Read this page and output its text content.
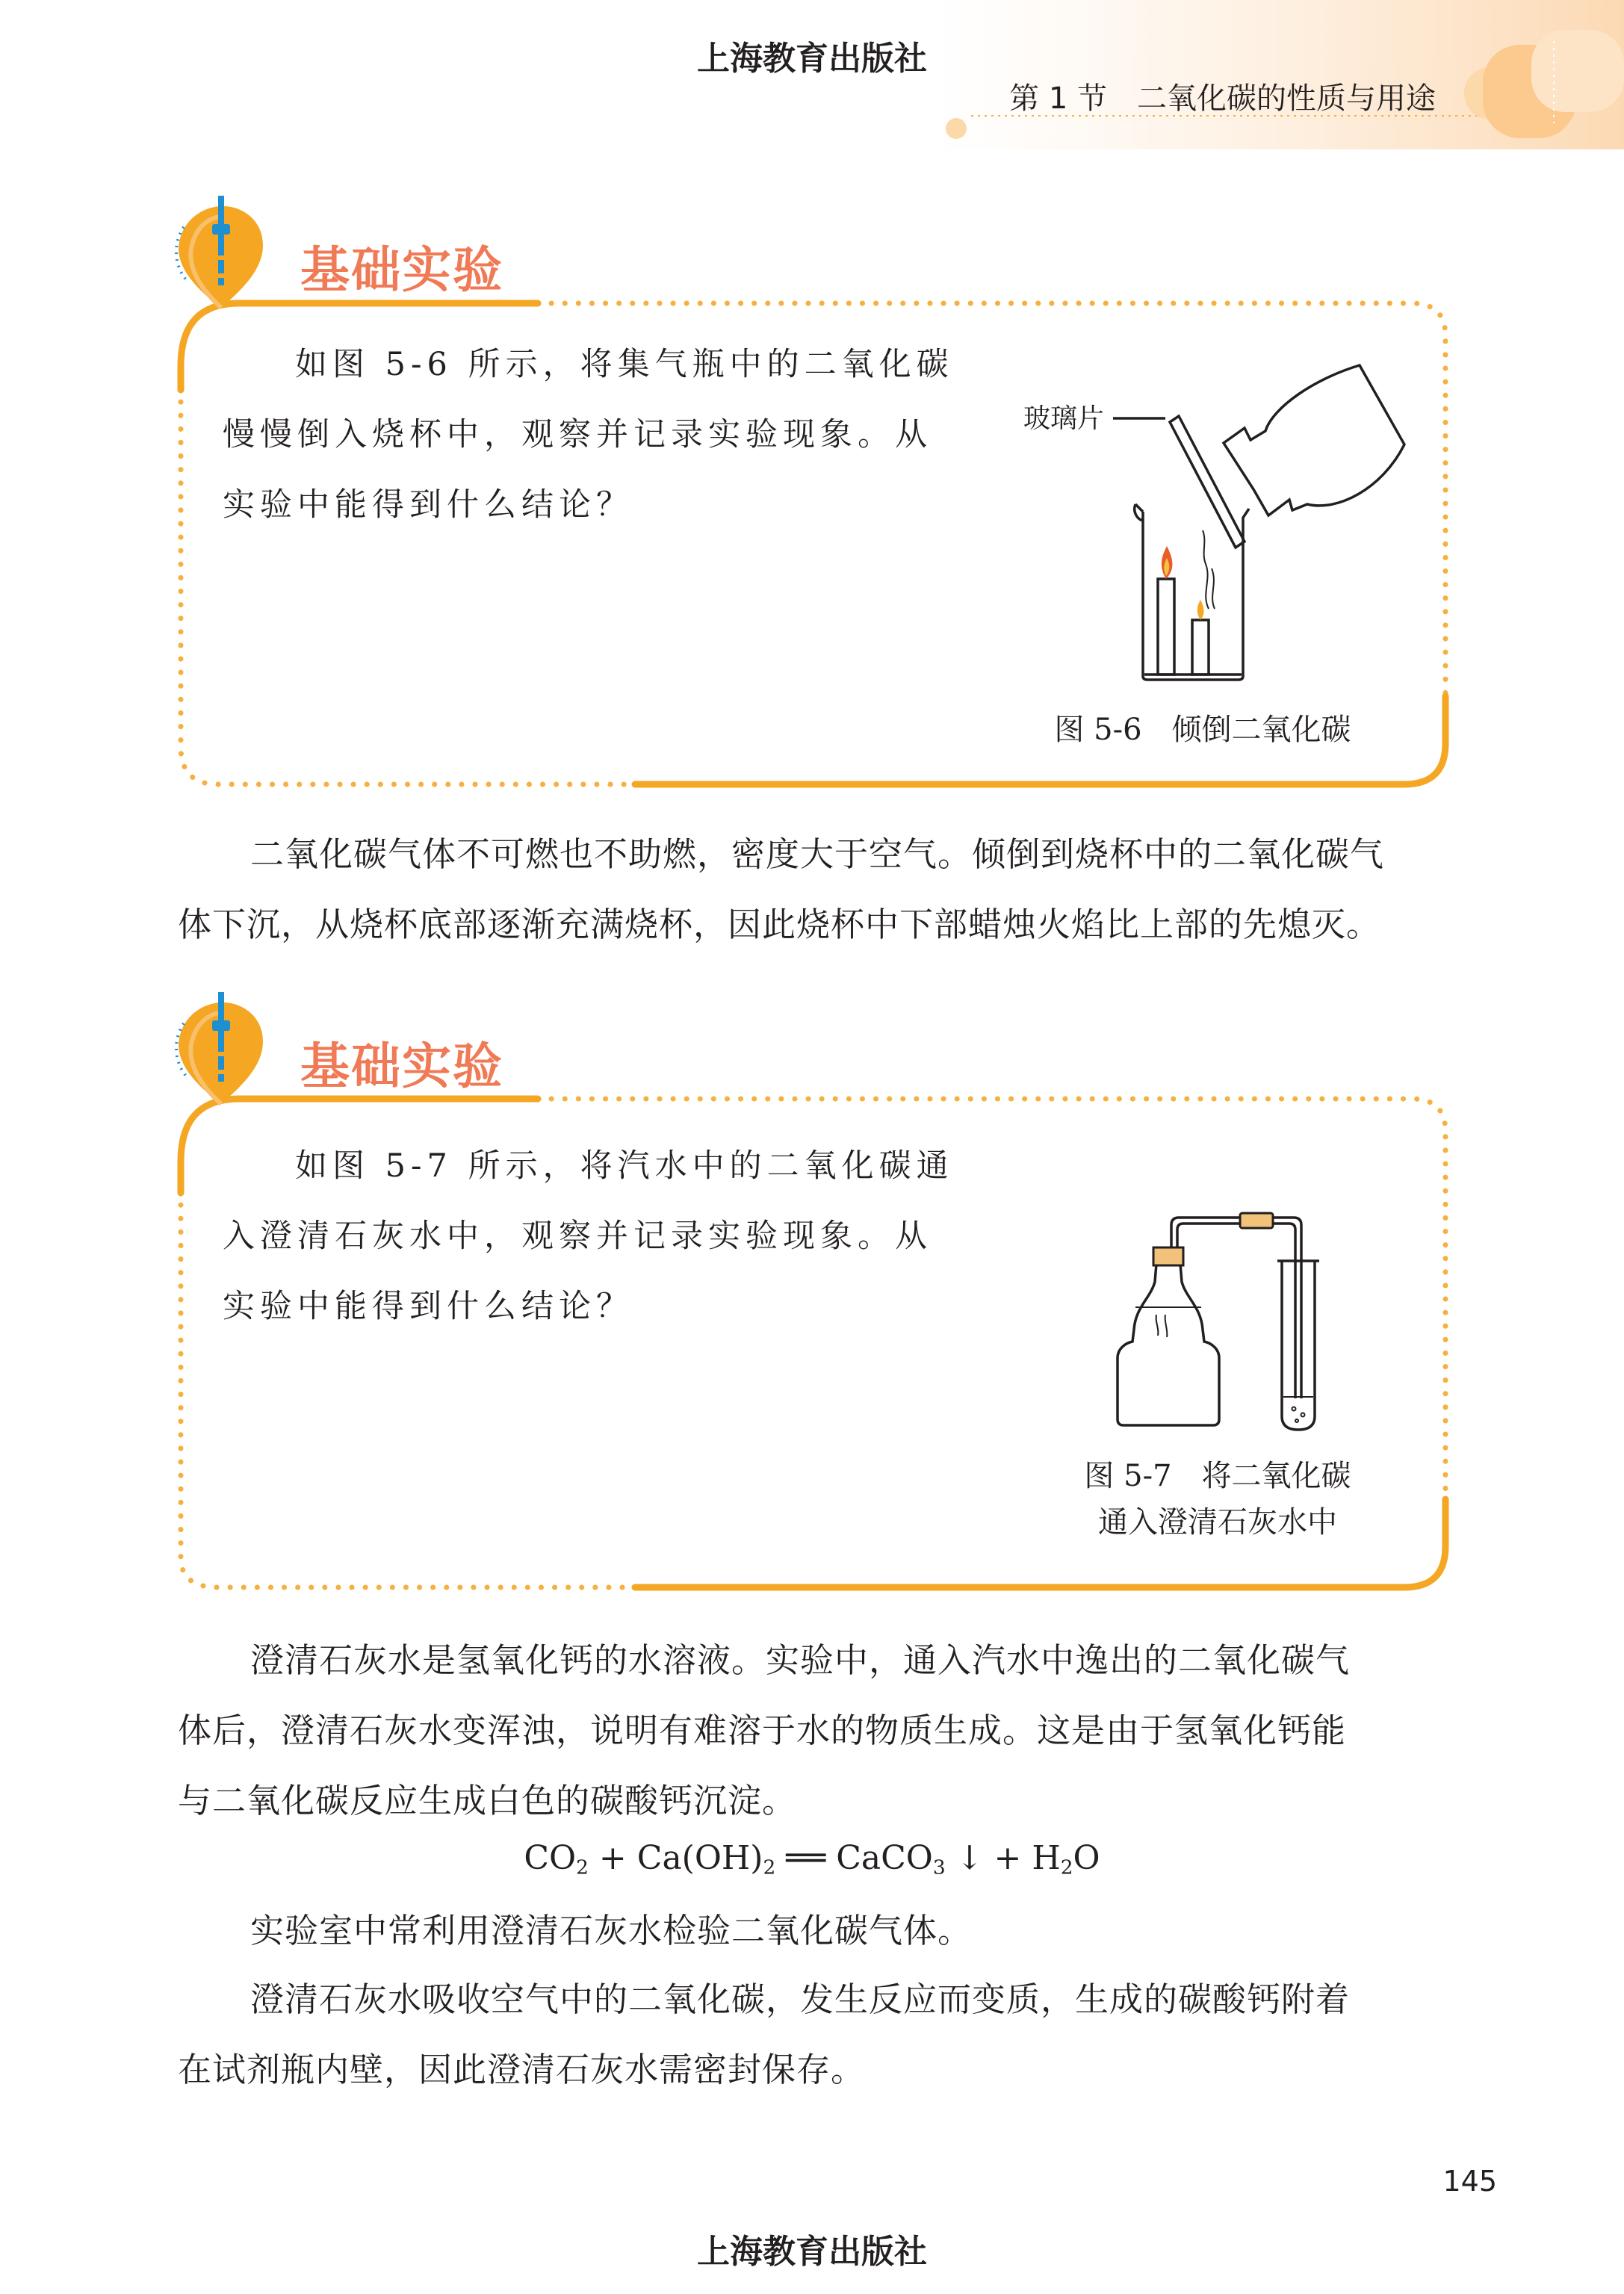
上海教育出版社
第 1 节 二氧化碳的性质与用途
基础实验
如图 5-6 所示，将集气瓶中的二氧化碳
慢慢倒入烧杯中，观察并记录实验现象。从
实验中能得到什么结论？
玻璃片
图 5-6　倾倒二氧化碳
二氧化碳气体不可燃也不助燃，密度大于空气。倾倒到烧杯中的二氧化碳气
体下沉，从烧杯底部逐渐充满烧杯，因此烧杯中下部蜡烛火焰比上部的先熄灭。
基础实验
如图 5-7 所示，将汽水中的二氧化碳通
入澄清石灰水中，观察并记录实验现象。从
实验中能得到什么结论？
图 5-7　将二氧化碳
通入澄清石灰水中
澄清石灰水是氢氧化钙的水溶液。实验中，通入汽水中逸出的二氧化碳气
体后，澄清石灰水变浑浊，说明有难溶于水的物质生成。这是由于氢氧化钙能
与二氧化碳反应生成白色的碳酸钙沉淀。
$CO_2 + Ca(OH)_2$ ══ CaCO$_3$ ↓ + $H_2O$
实验室中常利用澄清石灰水检验二氧化碳气体。
澄清石灰水吸收空气中的二氧化碳，发生反应而变质，生成的碳酸钙附着
在试剂瓶内壁，因此澄清石灰水需密封保存。
145
上海教育出版社
